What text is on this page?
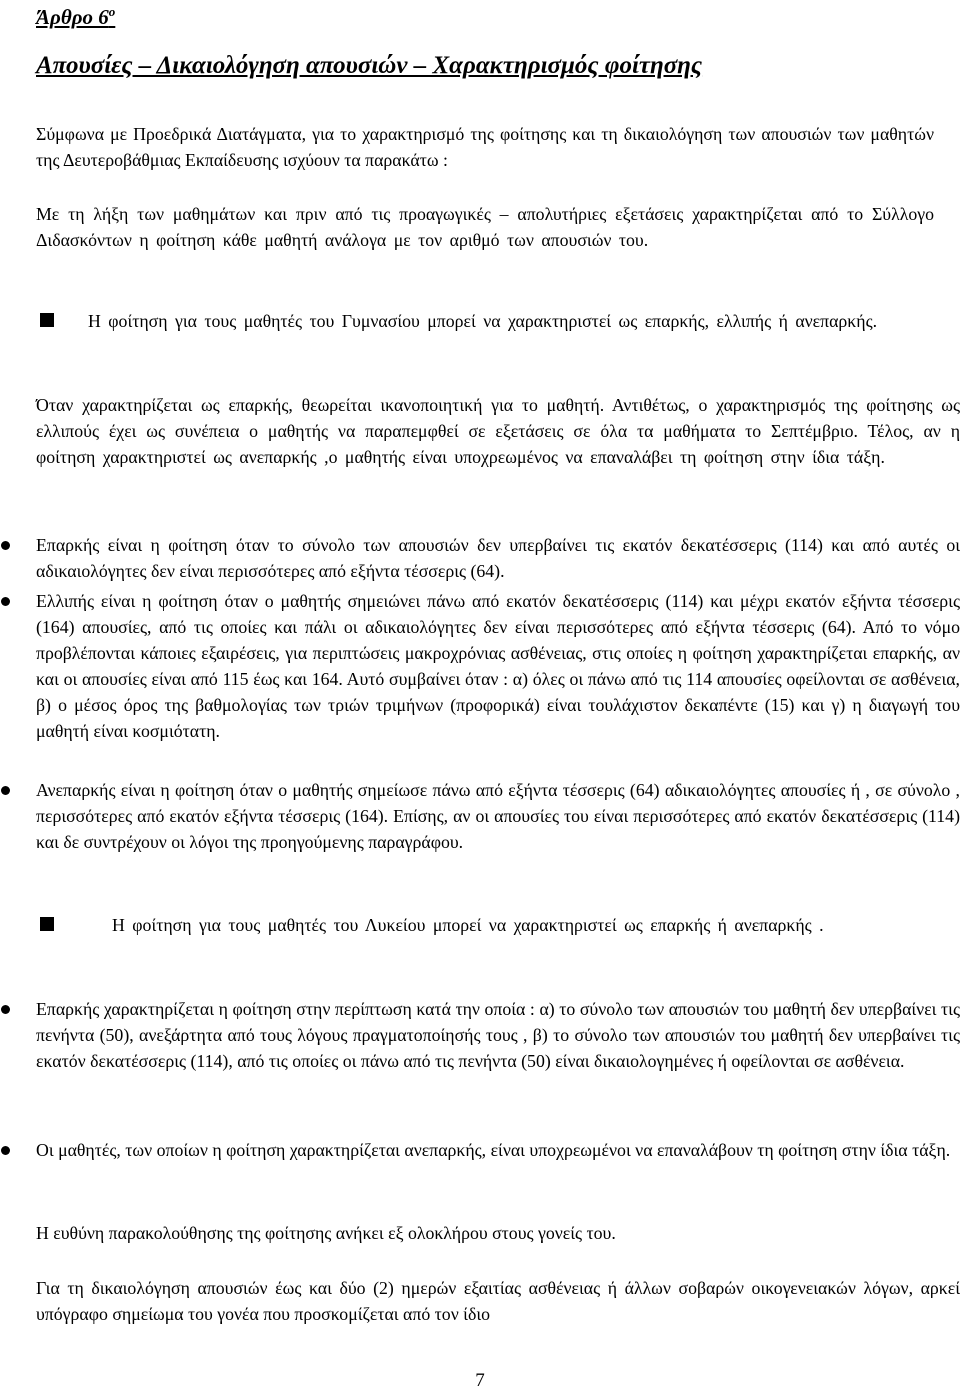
Άρθρο $6^o$
Απουσίες – Δικαιολόγηση απουσιών – Χαρακτηρισμός φοίτησης
Σύμφωνα με Προεδρικά Διατάγματα, για το χαρακτηρισμό της φοίτησης και τη δικαιολόγηση των απουσιών των μαθητών της Δευτεροβάθμιας Εκπαίδευσης ισχύουν τα παρακάτω :
Με τη λήξη των μαθημάτων και πριν από τις προαγωγικές – απολυτήριες εξετάσεις χαρακτηρίζεται από το Σύλλογο Διδασκόντων η φοίτηση κάθε μαθητή ανάλογα με τον αριθμό των απουσιών του.
Η φοίτηση για τους μαθητές του Γυμνασίου μπορεί να χαρακτηριστεί ως επαρκής, ελλιπής ή ανεπαρκής.
Όταν χαρακτηρίζεται ως επαρκής, θεωρείται ικανοποιητική για το μαθητή. Αντιθέτως, ο χαρακτηρισμός της φοίτησης ως ελλιπούς έχει ως συνέπεια ο μαθητής να παραπεμφθεί σε εξετάσεις σε όλα τα μαθήματα το Σεπτέμβριο. Τέλος, αν η φοίτηση χαρακτηριστεί ως ανεπαρκής ,ο μαθητής είναι υποχρεωμένος να επαναλάβει τη φοίτηση στην ίδια τάξη.
Επαρκής είναι η φοίτηση όταν το σύνολο των απουσιών δεν υπερβαίνει τις εκατόν δεκατέσσερις (114) και από αυτές οι αδικαιολόγητες δεν είναι περισσότερες από εξήντα τέσσερις (64).
Ελλιπής είναι η φοίτηση όταν ο μαθητής σημειώνει πάνω από εκατόν δεκατέσσερις (114) και μέχρι εκατόν εξήντα τέσσερις (164) απουσίες, από τις οποίες και πάλι οι αδικαιολόγητες δεν είναι περισσότερες από εξήντα τέσσερις (64). Από το νόμο προβλέπονται κάποιες εξαιρέσεις, για περιπτώσεις μακροχρόνιας ασθένειας, στις οποίες η φοίτηση χαρακτηρίζεται επαρκής, αν και οι απουσίες είναι από 115 έως και 164. Αυτό συμβαίνει όταν : α) όλες οι πάνω από τις 114 απουσίες οφείλονται σε ασθένεια, β) ο μέσος όρος της βαθμολογίας των τριών τριμήνων (προφορικά) είναι τουλάχιστον δεκαπέντε (15) και γ) η διαγωγή του μαθητή είναι κοσμιότατη.
Ανεπαρκής είναι η φοίτηση όταν ο μαθητής σημείωσε πάνω από εξήντα τέσσερις (64) αδικαιολόγητες απουσίες ή , σε σύνολο , περισσότερες από εκατόν εξήντα τέσσερις (164). Επίσης, αν οι απουσίες του είναι περισσότερες από εκατόν δεκατέσσερις (114) και δε συντρέχουν οι λόγοι της προηγούμενης παραγράφου.
Η φοίτηση για τους μαθητές του Λυκείου μπορεί να χαρακτηριστεί ως επαρκής ή ανεπαρκής .
Επαρκής χαρακτηρίζεται η φοίτηση στην περίπτωση κατά την οποία : α) το σύνολο των απουσιών του μαθητή δεν υπερβαίνει τις πενήντα (50), ανεξάρτητα από τους λόγους πραγματοποίησής τους , β) το σύνολο των απουσιών του μαθητή δεν υπερβαίνει τις εκατόν δεκατέσσερις (114), από τις οποίες οι πάνω από τις πενήντα (50) είναι δικαιολογημένες ή οφείλονται σε ασθένεια.
Οι μαθητές, των οποίων η φοίτηση χαρακτηρίζεται ανεπαρκής, είναι υποχρεωμένοι να επαναλάβουν τη φοίτηση στην ίδια τάξη.
Η ευθύνη παρακολούθησης της φοίτησης ανήκει εξ ολοκλήρου στους γονείς του.
Για τη δικαιολόγηση απουσιών έως και δύο (2) ημερών εξαιτίας ασθένειας ή άλλων σοβαρών οικογενειακών λόγων, αρκεί υπόγραφο σημείωμα του γονέα που προσκομίζεται από τον ίδιο
7
